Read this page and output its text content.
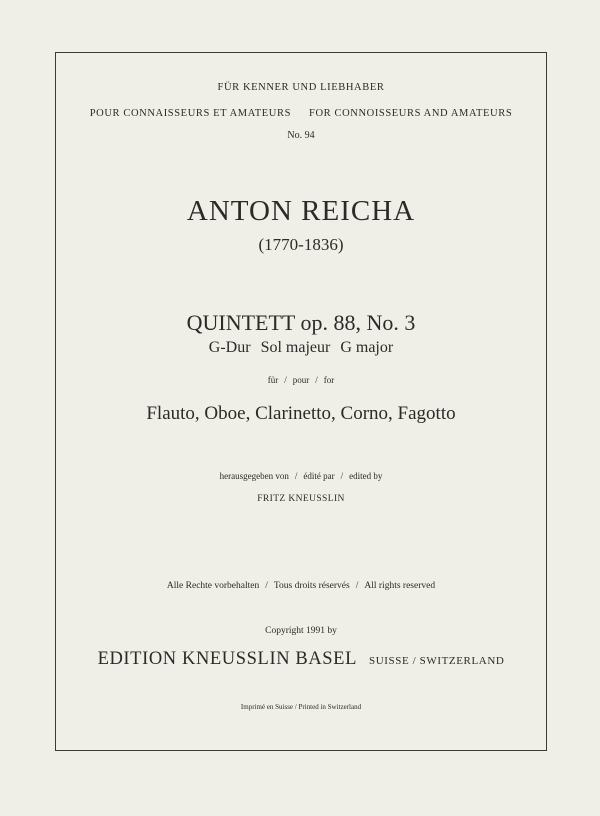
FÜR KENNER UND LIEBHABER
POUR CONNAISSEURS ET AMATEURS FOR CONNOISSEURS AND AMATEURS
No. 94
ANTON REICHA
(1770-1836)
QUINTETT op. 88, No. 3
G-Dur Sol majeur G major
für / pour / for
Flauto, Oboe, Clarinetto, Corno, Fagotto
herausgegeben von / édité par / edited by
FRITZ KNEUSSLIN
Alle Rechte vorbehalten / Tous droits réservés / All rights reserved
Copyright 1991 by
EDITION KNEUSSLIN BASEL SUISSE / SWITZERLAND
Imprimé en Suisse / Printed in Switzerland
